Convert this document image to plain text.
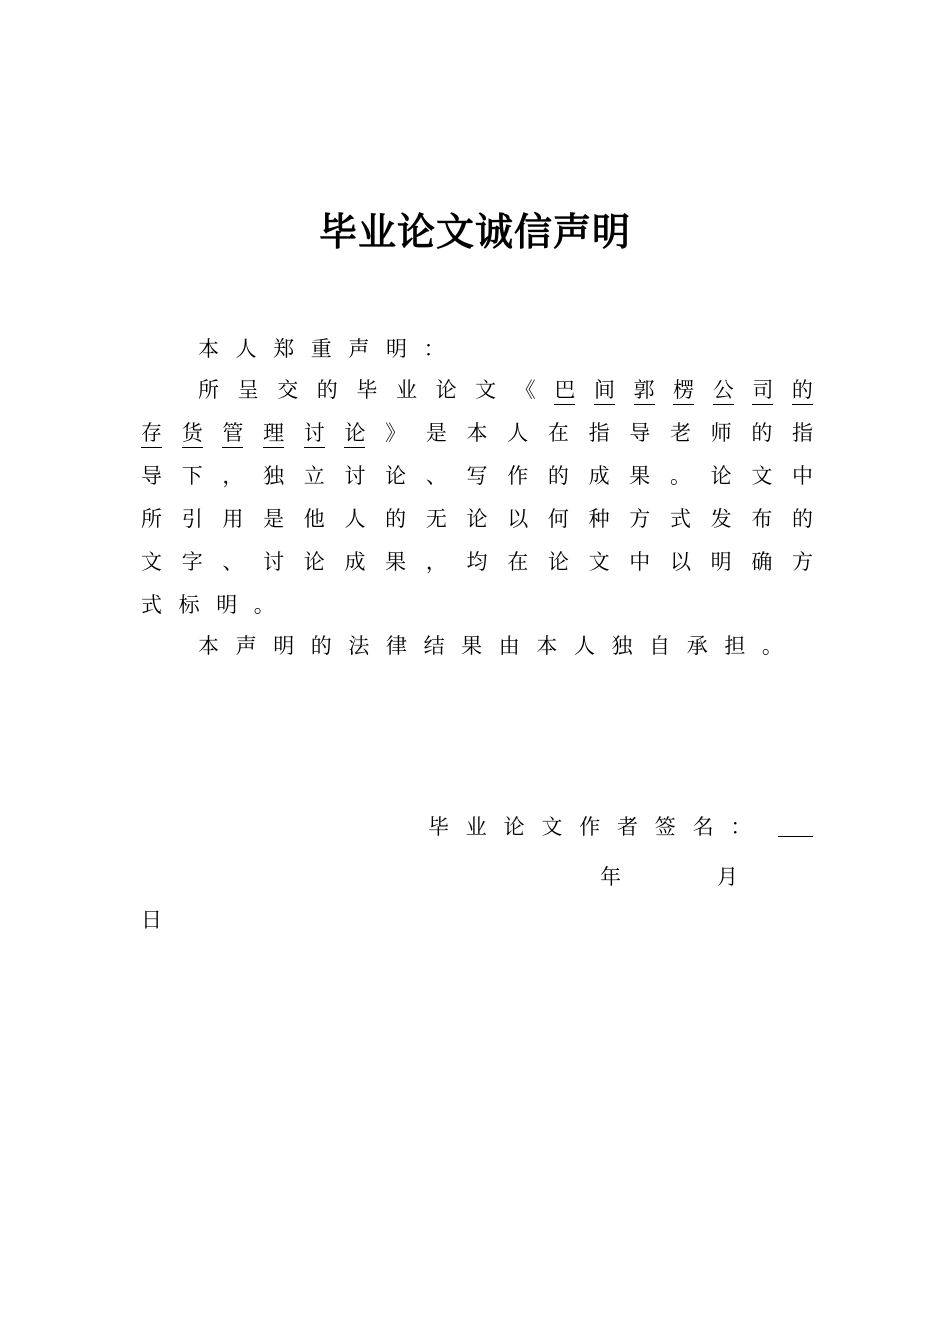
毕业论文诚信声明
本 人 郑 重 声 明 ：
所 呈 交 的 毕 业 论 文 《 巴 间 郭 楞 公 司 的
存 货 管 理 讨 论 》 是 本 人 在 指 导 老 师 的 指
导 下 ， 独 立 讨 论 、 写 作 的 成 果 。 论 文 中
所 引 用 是 他 人 的 无 论 以 何 种 方 式 发 布 的
文 字 、 讨 论 成 果 ， 均 在 论 文 中 以 明 确 方
式 标 明 。
本 声 明 的 法 律 结 果 由 本 人 独 自 承 担 。
毕业论文作者签名：
年	月
日
